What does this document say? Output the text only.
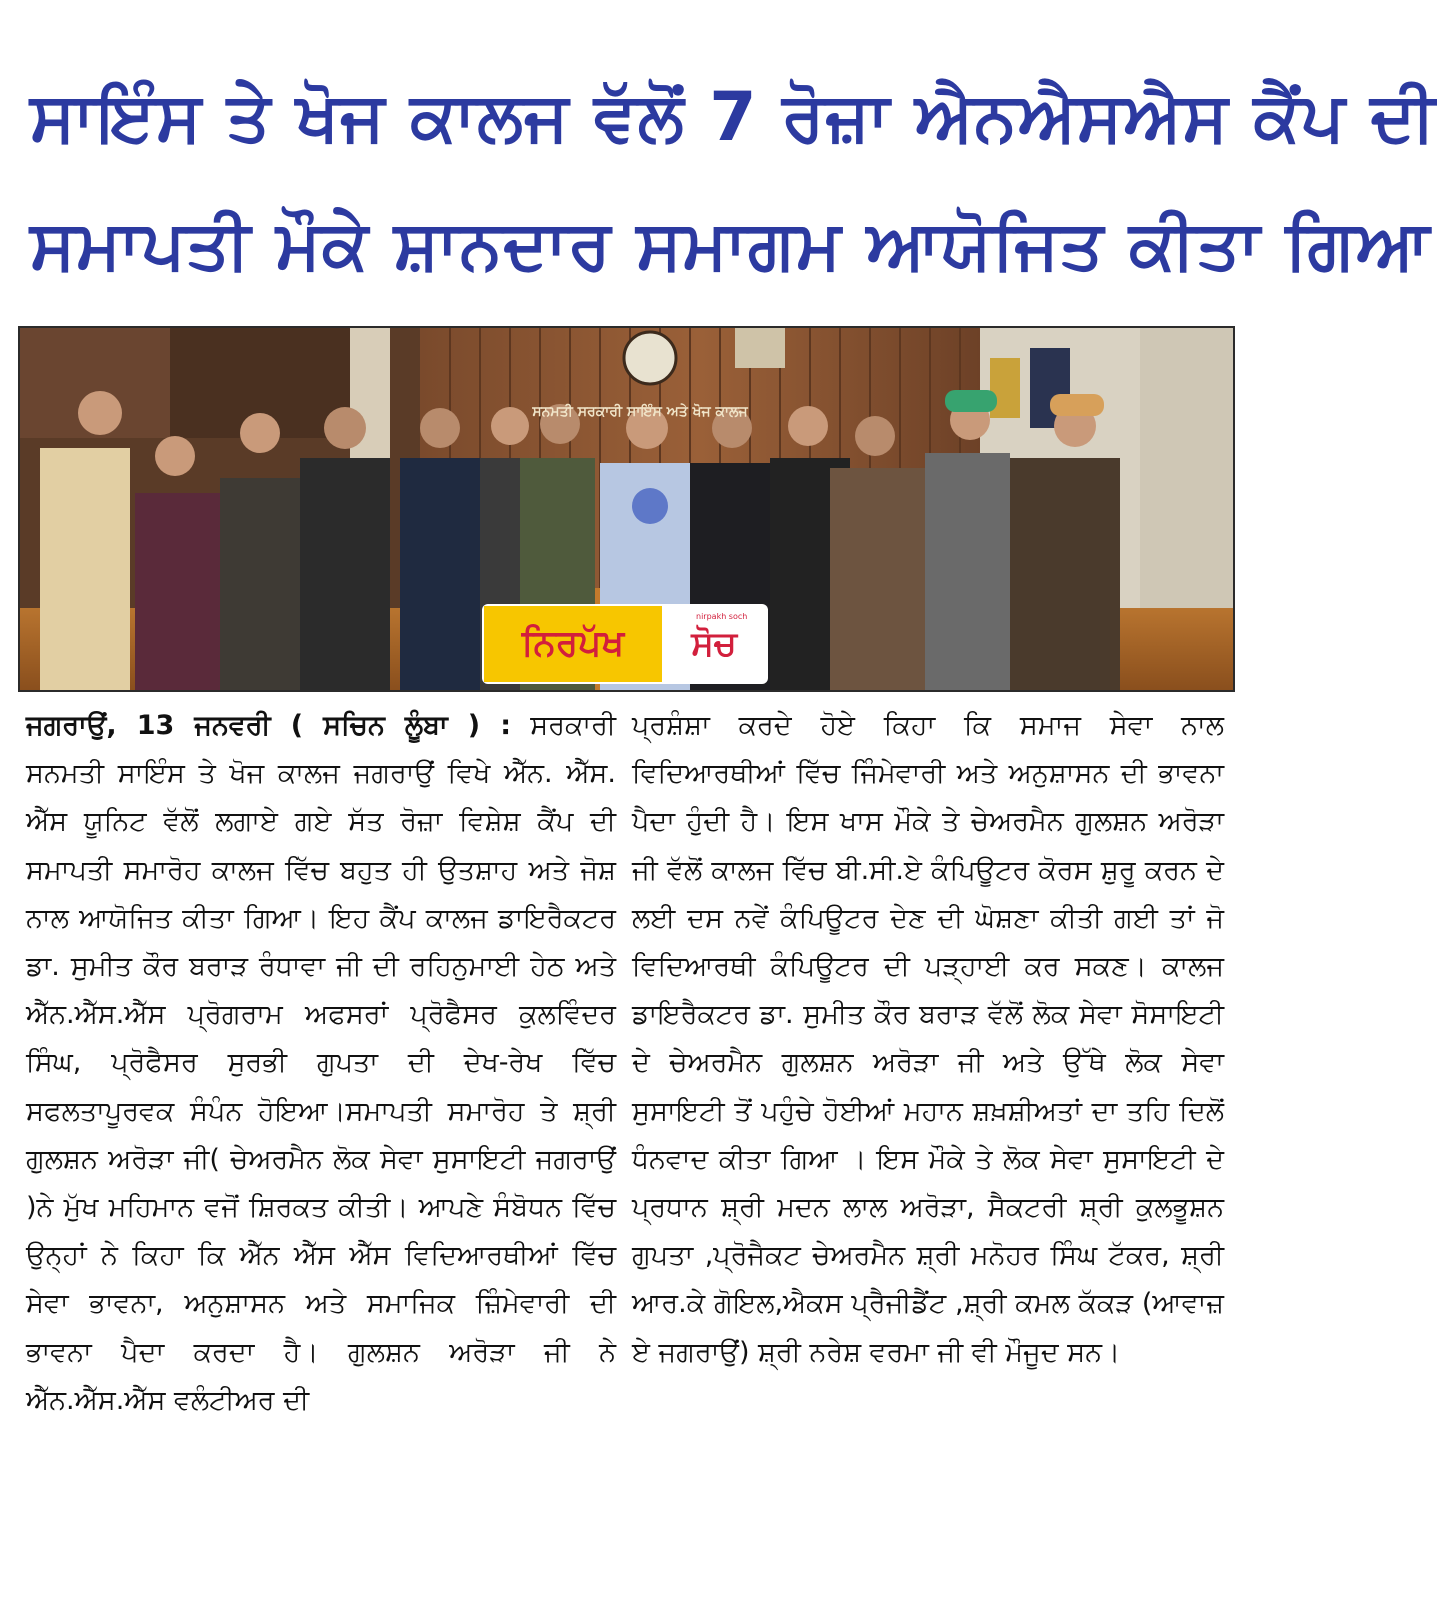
ਸਾਇੰਸ ਤੇ ਖੋਜ ਕਾਲਜ ਵੱਲੋਂ 7 ਰੋਜ਼ਾ ਐਨਐਸਐਸ ਕੈਂਪ ਦੀ
ਸਮਾਪਤੀ ਮੌਕੇ ਸ਼ਾਨਦਾਰ ਸਮਾਗਮ ਆਯੋਜਿਤ ਕੀਤਾ ਗਿਆ
ਸਨਮਤੀ ਸਰਕਾਰੀ ਸਾਇੰਸ ਅਤੇ ਖੋਜ ਕਾਲਜ
ਨਿਰਪੱਖ	ਸੋਚ
nirpakh soch

ਜਗਰਾਉਂ, 13 ਜਨਵਰੀ ( ਸਚਿਨ ਲੂੰਬਾ ) : ਸਰਕਾਰੀ ਸਨਮਤੀ ਸਾਇੰਸ ਤੇ ਖੋਜ ਕਾਲਜ ਜਗਰਾਉਂ ਵਿਖੇ ਐੱਨ. ਐੱਸ. ਐੱਸ ਯੂਨਿਟ ਵੱਲੋਂ ਲਗਾਏ ਗਏ ਸੱਤ ਰੋਜ਼ਾ ਵਿਸ਼ੇਸ਼ ਕੈਂਪ ਦੀ ਸਮਾਪਤੀ ਸਮਾਰੋਹ ਕਾਲਜ ਵਿੱਚ ਬਹੁਤ ਹੀ ਉਤਸ਼ਾਹ ਅਤੇ ਜੋਸ਼ ਨਾਲ ਆਯੋਜਿਤ ਕੀਤਾ ਗਿਆ। ਇਹ ਕੈਂਪ ਕਾਲਜ ਡਾਇਰੈਕਟਰ ਡਾ. ਸੁਮੀਤ ਕੌਰ ਬਰਾੜ ਰੰਧਾਵਾ ਜੀ ਦੀ ਰਹਿਨੁਮਾਈ ਹੇਠ ਅਤੇ ਐੱਨ.ਐੱਸ.ਐੱਸ ਪ੍ਰੋਗਰਾਮ ਅਫਸਰਾਂ ਪ੍ਰੋਫੈਸਰ ਕੁਲਵਿੰਦਰ ਸਿੰਘ, ਪ੍ਰੋਫੈਸਰ ਸੁਰਭੀ ਗੁਪਤਾ ਦੀ ਦੇਖ-ਰੇਖ ਵਿੱਚ ਸਫਲਤਾਪੂਰਵਕ ਸੰਪੰਨ ਹੋਇਆ।ਸਮਾਪਤੀ ਸਮਾਰੋਹ ਤੇ ਸ਼੍ਰੀ ਗੁਲਸ਼ਨ ਅਰੋੜਾ ਜੀ( ਚੇਅਰਮੈਨ ਲੋਕ ਸੇਵਾ ਸੁਸਾਇਟੀ ਜਗਰਾਉਂ )ਨੇ ਮੁੱਖ ਮਹਿਮਾਨ ਵਜੋਂ ਸ਼ਿਰਕਤ ਕੀਤੀ। ਆਪਣੇ ਸੰਬੋਧਨ ਵਿੱਚ ਉਨ੍ਹਾਂ ਨੇ ਕਿਹਾ ਕਿ ਐੱਨ ਐੱਸ ਐੱਸ ਵਿਦਿਆਰਥੀਆਂ ਵਿੱਚ ਸੇਵਾ ਭਾਵਨਾ, ਅਨੁਸ਼ਾਸਨ ਅਤੇ ਸਮਾਜਿਕ ਜ਼ਿੰਮੇਵਾਰੀ ਦੀ ਭਾਵਨਾ ਪੈਦਾ ਕਰਦਾ ਹੈ। ਗੁਲਸ਼ਨ ਅਰੋੜਾ ਜੀ ਨੇ ਐੱਨ.ਐੱਸ.ਐੱਸ ਵਲੰਟੀਅਰ ਦੀ

ਪ੍ਰਸ਼ੰਸ਼ਾ ਕਰਦੇ ਹੋਏ ਕਿਹਾ ਕਿ ਸਮਾਜ ਸੇਵਾ ਨਾਲ ਵਿਦਿਆਰਥੀਆਂ ਵਿੱਚ ਜਿੰਮੇਵਾਰੀ ਅਤੇ ਅਨੁਸ਼ਾਸਨ ਦੀ ਭਾਵਨਾ ਪੈਦਾ ਹੁੰਦੀ ਹੈ। ਇਸ ਖਾਸ ਮੌਕੇ ਤੇ ਚੇਅਰਮੈਨ ਗੁਲਸ਼ਨ ਅਰੋੜਾ ਜੀ ਵੱਲੋਂ ਕਾਲਜ ਵਿੱਚ ਬੀ.ਸੀ.ਏ ਕੰਪਿਊਟਰ ਕੋਰਸ ਸ਼ੁਰੂ ਕਰਨ ਦੇ ਲਈ ਦਸ ਨਵੇਂ ਕੰਪਿਊਟਰ ਦੇਣ ਦੀ ਘੋਸ਼ਣਾ ਕੀਤੀ ਗਈ ਤਾਂ ਜੋ ਵਿਦਿਆਰਥੀ ਕੰਪਿਊਟਰ ਦੀ ਪੜ੍ਹਾਈ ਕਰ ਸਕਣ। ਕਾਲਜ ਡਾਇਰੈਕਟਰ ਡਾ. ਸੁਮੀਤ ਕੌਰ ਬਰਾੜ ਵੱਲੋਂ ਲੋਕ ਸੇਵਾ ਸੋਸਾਇਟੀ ਦੇ ਚੇਅਰਮੈਨ ਗੁਲਸ਼ਨ ਅਰੋੜਾ ਜੀ ਅਤੇ ਉੱਥੇ ਲੋਕ ਸੇਵਾ ਸੁਸਾਇਟੀ ਤੋਂ ਪਹੁੰਚੇ ਹੋਈਆਂ ਮਹਾਨ ਸ਼ਖ਼ਸ਼ੀਅਤਾਂ ਦਾ ਤਹਿ ਦਿਲੋਂ ਧੰਨਵਾਦ ਕੀਤਾ ਗਿਆ । ਇਸ ਮੌਕੇ ਤੇ ਲੋਕ ਸੇਵਾ ਸੁਸਾਇਟੀ ਦੇ ਪ੍ਰਧਾਨ ਸ਼੍ਰੀ ਮਦਨ ਲਾਲ ਅਰੋੜਾ, ਸੈਕਟਰੀ ਸ਼੍ਰੀ ਕੁਲਭੂਸ਼ਨ ਗੁਪਤਾ ,ਪ੍ਰੋਜੈਕਟ ਚੇਅਰਮੈਨ ਸ਼੍ਰੀ ਮਨੋਹਰ ਸਿੰਘ ਟੱਕਰ, ਸ਼੍ਰੀ ਆਰ.ਕੇ ਗੋਇਲ,ਐਕਸ ਪ੍ਰੈਜੀਡੈਂਟ ,ਸ਼੍ਰੀ ਕਮਲ ਕੱਕੜ (ਆਵਾਜ਼ ਏ ਜਗਰਾਉਂ) ਸ਼੍ਰੀ ਨਰੇਸ਼ ਵਰਮਾ ਜੀ ਵੀ ਮੌਜੂਦ ਸਨ।
